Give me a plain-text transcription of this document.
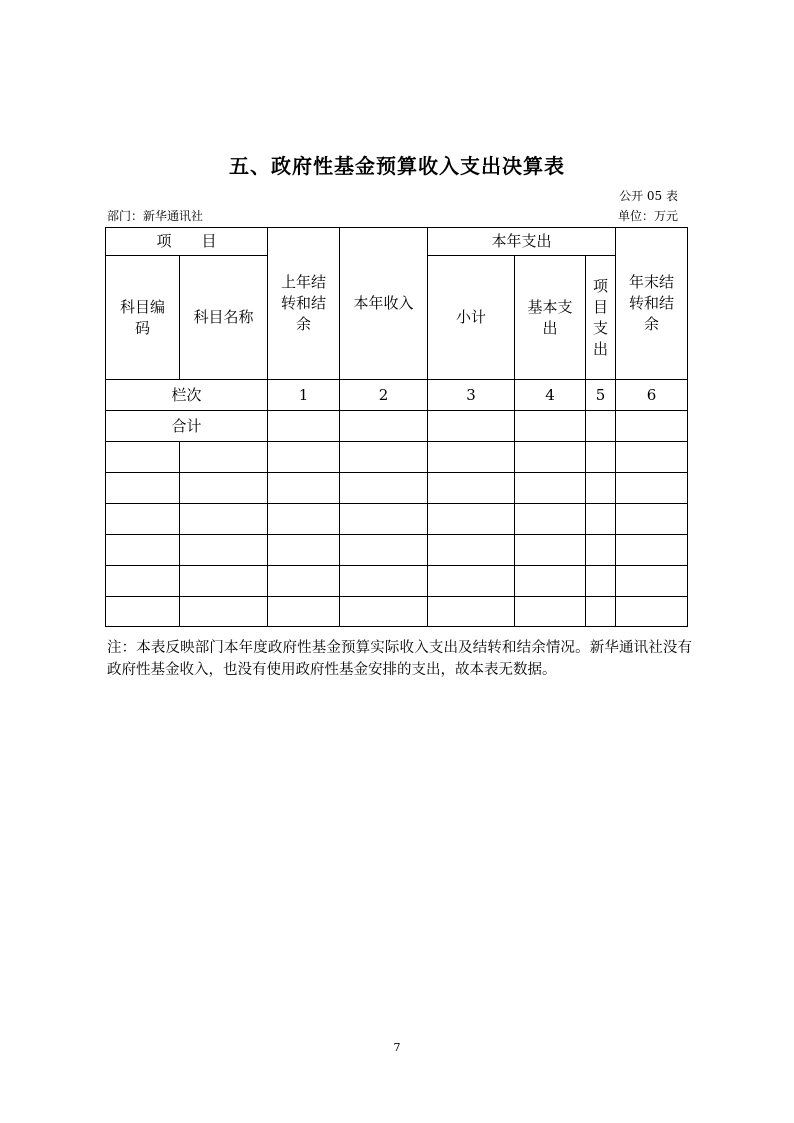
五、政府性基金预算收入支出决算表
公开 05 表
部门：新华通讯社	单位：万元
项　　目		上年结转和结余	本年收入	本年支出			年末结转和结余
科目编码	科目名称			小计	基本支出	项目支出	
栏次		1	2	3	4	5	6
合计							

注：本表反映部门本年度政府性基金预算实际收入支出及结转和结余情况。新华通讯社没有政府性基金收入，也没有使用政府性基金安排的支出，故本表无数据。

7
